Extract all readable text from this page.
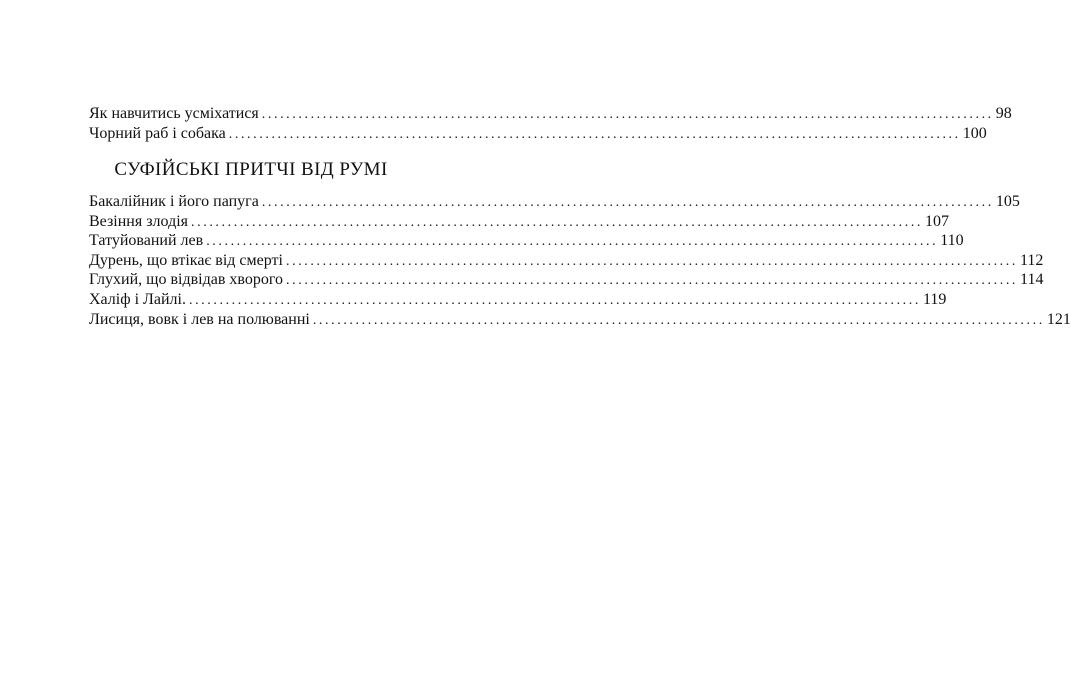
Як навчитись усміхатися ........................................................................................................................ 98
Чорний раб і собака ........................................................................................................................ 100
СУФІЙСЬКІ ПРИТЧІ ВІД РУМІ
Бакалійник і його папуга ........................................................................................................................ 105
Везіння злодія ........................................................................................................................ 107
Татуйований лев ........................................................................................................................ 110
Дурень, що втікає від смерті ........................................................................................................................ 112
Глухий, що відвідав хворого ........................................................................................................................ 114
Халіф і Лайлі. ........................................................................................................................ 119
Лисиця, вовк і лев на полюванні ........................................................................................................................ 121
